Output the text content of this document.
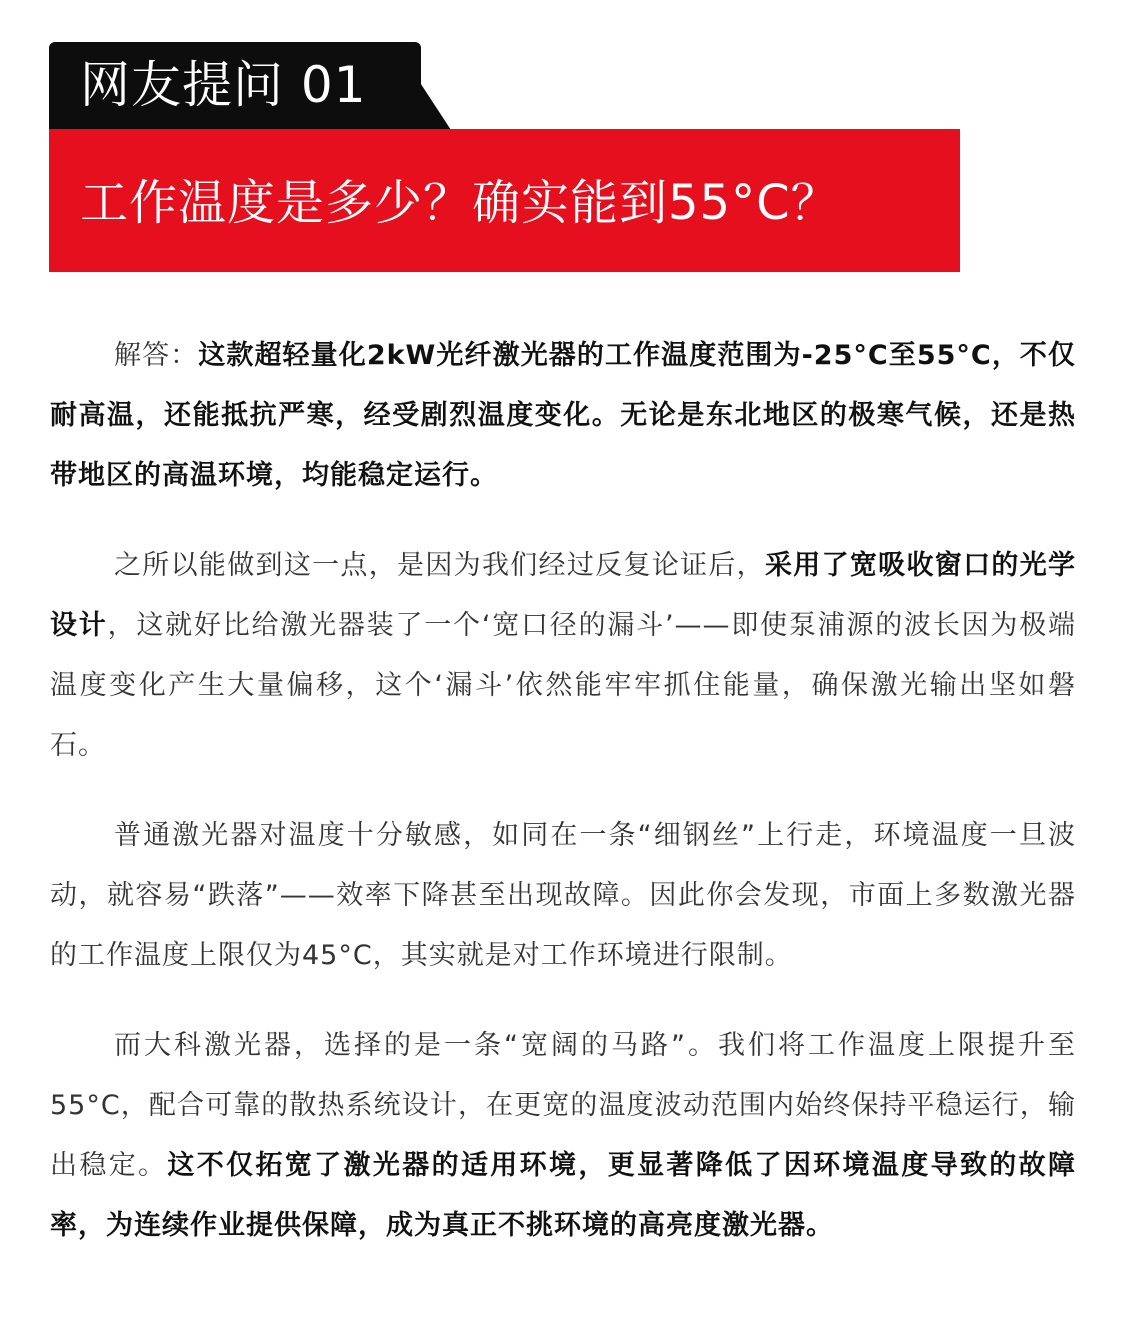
网友提问 01
工作温度是多少？确实能到55°C？

解答：这款超轻量化2kW光纤激光器的工作温度范围为-25°C至55°C，不仅耐高温，还能抵抗严寒，经受剧烈温度变化。无论是东北地区的极寒气候，还是热带地区的高温环境，均能稳定运行。

之所以能做到这一点，是因为我们经过反复论证后，采用了宽吸收窗口的光学设计，这就好比给激光器装了一个‘宽口径的漏斗’——即使泵浦源的波长因为极端温度变化产生大量偏移，这个‘漏斗’依然能牢牢抓住能量，确保激光输出坚如磐石。

普通激光器对温度十分敏感，如同在一条“细钢丝”上行走，环境温度一旦波动，就容易“跌落”——效率下降甚至出现故障。因此你会发现，市面上多数激光器的工作温度上限仅为45°C，其实就是对工作环境进行限制。

而大科激光器，选择的是一条“宽阔的马路”。我们将工作温度上限提升至55°C，配合可靠的散热系统设计，在更宽的温度波动范围内始终保持平稳运行，输出稳定。这不仅拓宽了激光器的适用环境，更显著降低了因环境温度导致的故障率，为连续作业提供保障，成为真正不挑环境的高亮度激光器。
